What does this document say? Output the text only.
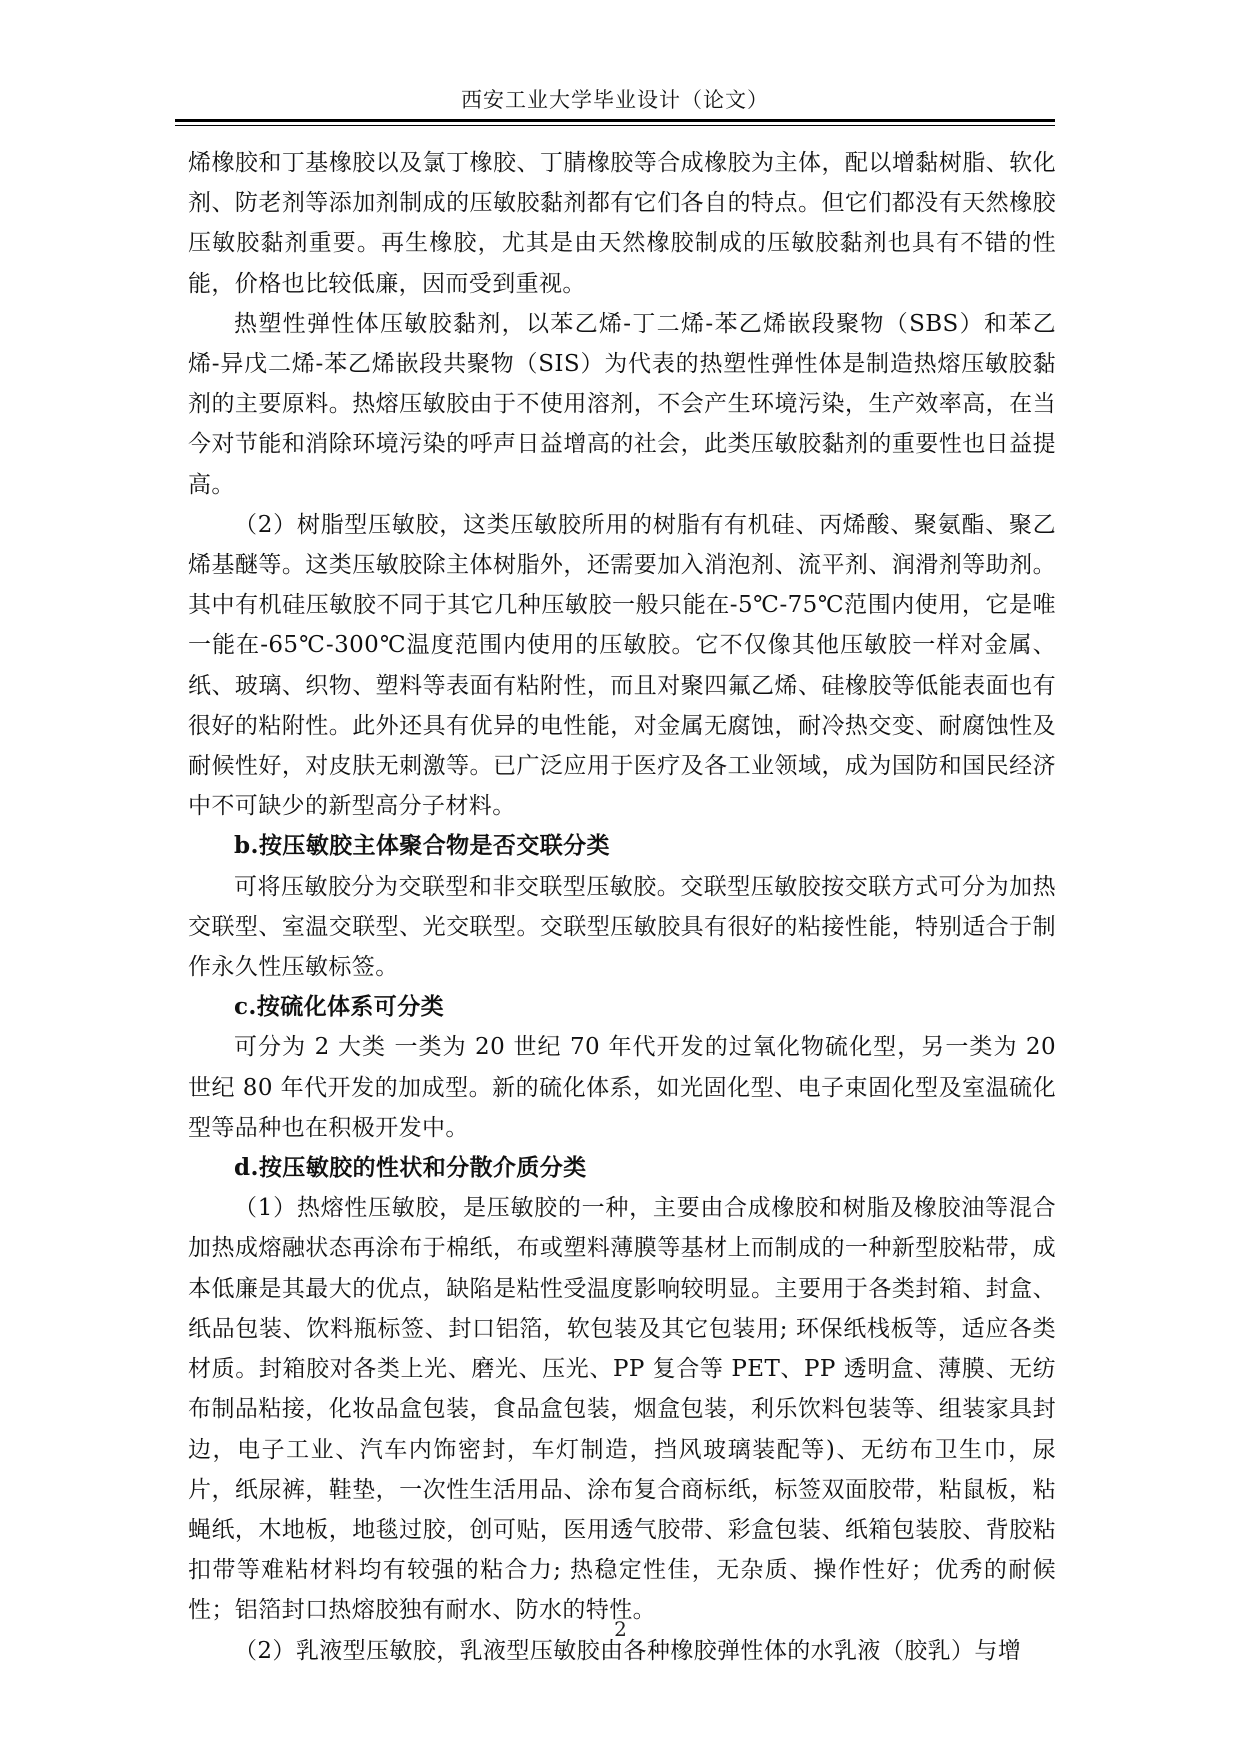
西安工业大学毕业设计（论文）

烯橡胶和丁基橡胶以及氯丁橡胶、丁腈橡胶等合成橡胶为主体，配以增黏树脂、软化剂、防老剂等添加剂制成的压敏胶黏剂都有它们各自的特点。但它们都没有天然橡胶压敏胶黏剂重要。再生橡胶，尤其是由天然橡胶制成的压敏胶黏剂也具有不错的性能，价格也比较低廉，因而受到重视。

热塑性弹性体压敏胶黏剂，以苯乙烯-丁二烯-苯乙烯嵌段聚物（SBS）和苯乙烯-异戊二烯-苯乙烯嵌段共聚物（SIS）为代表的热塑性弹性体是制造热熔压敏胶黏剂的主要原料。热熔压敏胶由于不使用溶剂，不会产生环境污染，生产效率高，在当今对节能和消除环境污染的呼声日益增高的社会，此类压敏胶黏剂的重要性也日益提高。

（2）树脂型压敏胶，这类压敏胶所用的树脂有有机硅、丙烯酸、聚氨酯、聚乙烯基醚等。这类压敏胶除主体树脂外，还需要加入消泡剂、流平剂、润滑剂等助剂。其中有机硅压敏胶不同于其它几种压敏胶一般只能在-5℃-75℃范围内使用，它是唯一能在-65℃-300℃温度范围内使用的压敏胶。它不仅像其他压敏胶一样对金属、纸、玻璃、织物、塑料等表面有粘附性，而且对聚四氟乙烯、硅橡胶等低能表面也有很好的粘附性。此外还具有优异的电性能，对金属无腐蚀，耐冷热交变、耐腐蚀性及耐候性好，对皮肤无刺激等。已广泛应用于医疗及各工业领域，成为国防和国民经济中不可缺少的新型高分子材料。

b.按压敏胶主体聚合物是否交联分类

可将压敏胶分为交联型和非交联型压敏胶。交联型压敏胶按交联方式可分为加热交联型、室温交联型、光交联型。交联型压敏胶具有很好的粘接性能，特别适合于制作永久性压敏标签。

c.按硫化体系可分类

可分为 2 大类 一类为 20 世纪 70 年代开发的过氧化物硫化型，另一类为 20 世纪 80 年代开发的加成型。新的硫化体系，如光固化型、电子束固化型及室温硫化型等品种也在积极开发中。

d.按压敏胶的性状和分散介质分类

（1）热熔性压敏胶，是压敏胶的一种，主要由合成橡胶和树脂及橡胶油等混合加热成熔融状态再涂布于棉纸，布或塑料薄膜等基材上而制成的一种新型胶粘带，成本低廉是其最大的优点，缺陷是粘性受温度影响较明显。主要用于各类封箱、封盒、纸品包装、饮料瓶标签、封口铝箔，软包装及其它包装用; 环保纸栈板等，适应各类材质。封箱胶对各类上光、磨光、压光、PP 复合等 PET、PP 透明盒、薄膜、无纺布制品粘接，化妆品盒包装，食品盒包装，烟盒包装，利乐饮料包装等、组装家具封边，电子工业、汽车内饰密封，车灯制造，挡风玻璃装配等)、无纺布卫生巾，尿片，纸尿裤，鞋垫，一次性生活用品、涂布复合商标纸，标签双面胶带，粘鼠板，粘蝇纸，木地板，地毯过胶，创可贴，医用透气胶带、彩盒包装、纸箱包装胶、背胶粘扣带等难粘材料均有较强的粘合力; 热稳定性佳，无杂质、操作性好；优秀的耐候性；铝箔封口热熔胶独有耐水、防水的特性。

（2）乳液型压敏胶，乳液型压敏胶由各种橡胶弹性体的水乳液（胶乳）与增

2
